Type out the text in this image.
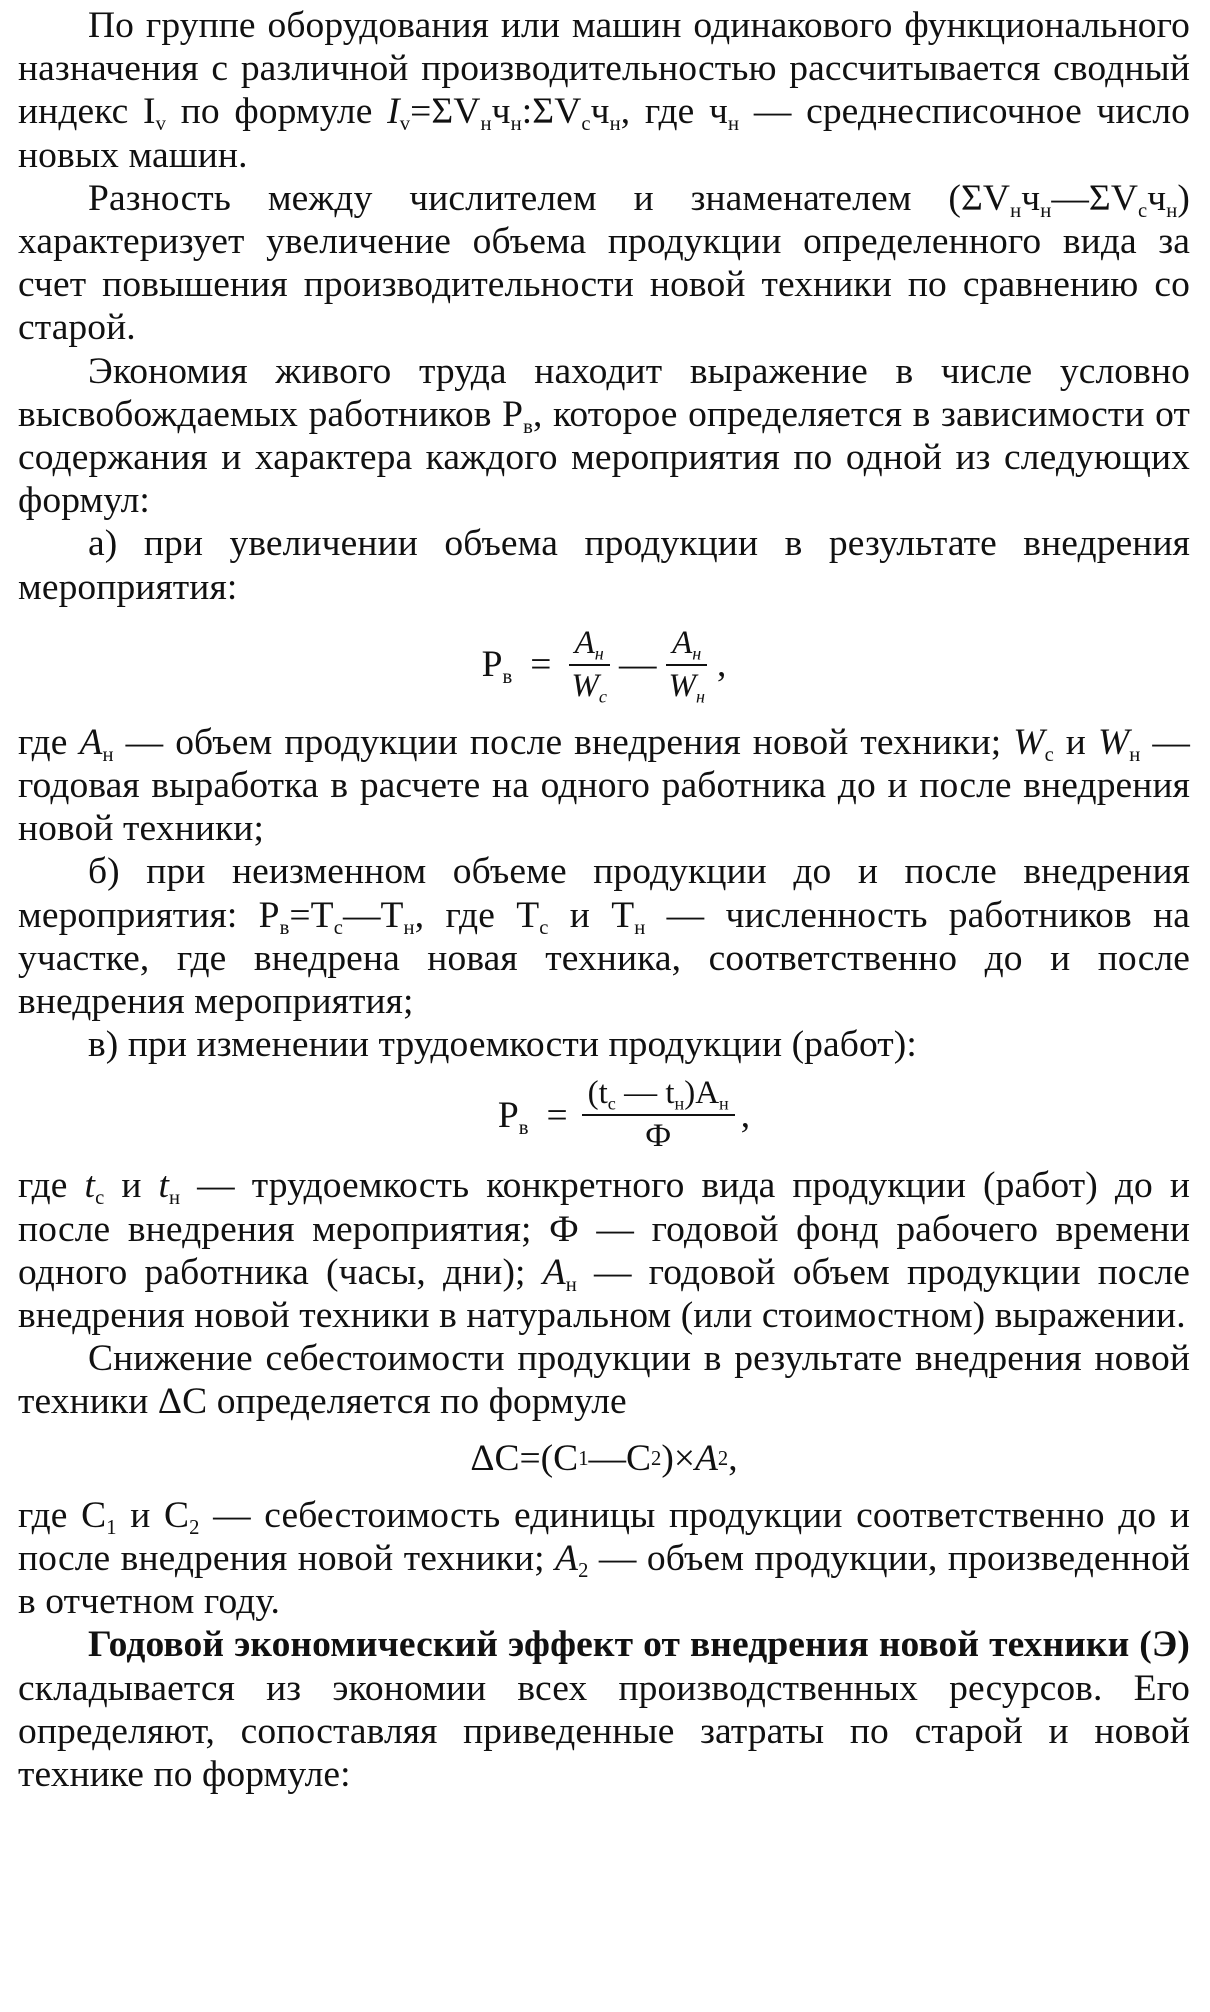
По группе оборудования или машин одинакового функционального назначения с различной производительностью рассчитывается сводный индекс $I_v$ по формуле $I_v=\Sigma V_нч_н:\Sigma V_сч_н$, где $ч_н$ — среднесписочное число новых машин.

Разность между числителем и знаменателем $(\Sigma V_нч_н—\Sigma V_сч_н)$ характеризует увеличение объема продукции определенного вида за счет повышения производительности новой техники по сравнению со старой.

Экономия живого труда находит выражение в числе условно высвобождаемых работников $Р_в$, которое определяется в зависимости от содержания и характера каждого мероприятия по одной из следующих формул:

а) при увеличении объема продукции в результате внедрения мероприятия:

$Р_в = \frac{A_н}{W_с}$ — $\frac{A_н}{W_н}$ ,

где $A_н$ — объем продукции после внедрения новой техники; $W_с$ и $W_н$ — годовая выработка в расчете на одного работника до и после внедрения новой техники;

б) при неизменном объеме продукции до и после внедрения мероприятия: $Р_в=Т_с—Т_н$, где $Т_с$ и $Т_н$ — численность работников на участке, где внедрена новая техника, соответственно до и после внедрения мероприятия;

в) при изменении трудоемкости продукции (работ):

$Р_в = \frac{(t_с — t_н)A_н}{Ф}$ ,

где $t_с$ и $t_н$ — трудоемкость конкретного вида продукции (работ) до и после внедрения мероприятия; Ф — годовой фонд рабочего времени одного работника (часы, дни); $A_н$ — годовой объем продукции после внедрения новой техники в натуральном (или стоимостном) выражении.

Снижение себестоимости продукции в результате внедрения новой техники ΔС определяется по формуле

ΔС=(С 1 —С 2 )× A 2 ,

где $С_1$ и $С_2$ — себестоимость единицы продукции соответственно до и после внедрения новой техники; $A_2$ — объем продукции, произведенной в отчетном году.

Годовой экономический эффект от внедрения новой техники (Э) складывается из экономии всех производственных ресурсов. Его определяют, сопоставляя приведенные затраты по старой и новой технике по формуле:
